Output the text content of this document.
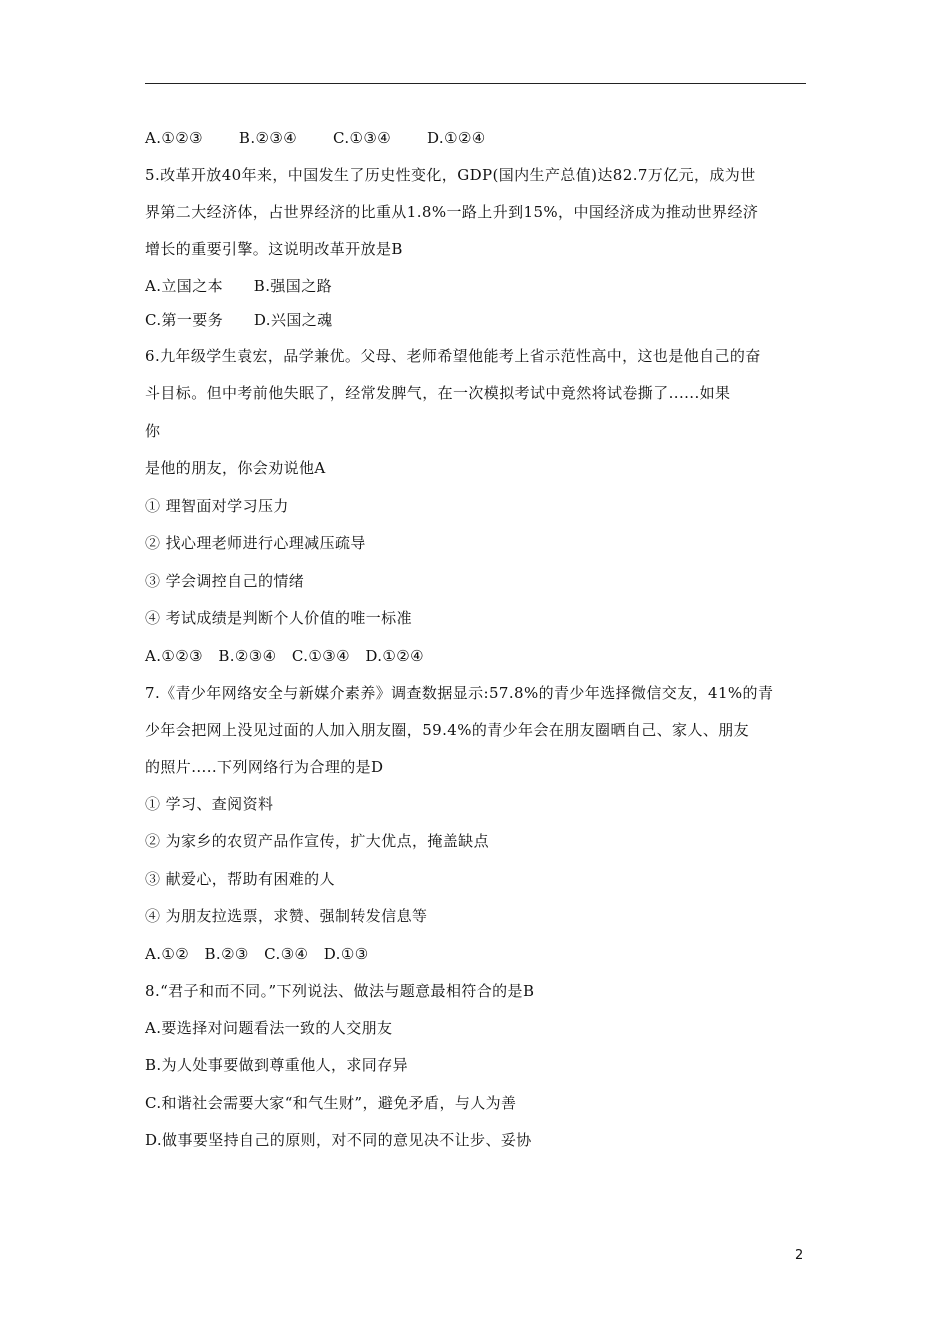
A.①②③　　 B.②③④　　 C.①③④　　 D.①②④
5.改革开放40年来，中国发生了历史性变化，GDP(国内生产总值)达82.7万亿元，成为世
界第二大经济体，占世界经济的比重从1.8%一路上升到15%，中国经济成为推动世界经济
增长的重要引擎。这说明改革开放是B
A.立国之本　　B.强国之路
C.第一要务　　D.兴国之魂
6.九年级学生袁宏，品学兼优。父母、老师希望他能考上省示范性高中，这也是他自己的奋
斗目标。但中考前他失眠了，经常发脾气，在一次模拟考试中竟然将试卷撕了......如果
你
是他的朋友，你会劝说他A
① 理智面对学习压力
② 找心理老师进行心理减压疏导
③ 学会调控自己的情绪
④ 考试成绩是判断个人价值的唯一标准
A.①②③　B.②③④　C.①③④　D.①②④
7.《青少年网络安全与新媒介素养》调查数据显示:57.8%的青少年选择微信交友，41%的青
少年会把网上没见过面的人加入朋友圈，59.4%的青少年会在朋友圈晒自己、家人、朋友
的照片.....下列网络行为合理的是D
① 学习、查阅资料
② 为家乡的农贸产品作宣传，扩大优点，掩盖缺点
③ 献爱心，帮助有困难的人
④ 为朋友拉选票，求赞、强制转发信息等
A.①②　B.②③　C.③④　D.①③
8.“君子和而不同。”下列说法、做法与题意最相符合的是B
A.要选择对问题看法一致的人交朋友
B.为人处事要做到尊重他人，求同存异
C.和谐社会需要大家“和气生财”，避免矛盾，与人为善
D.做事要坚持自己的原则，对不同的意见决不让步、妥协
2
